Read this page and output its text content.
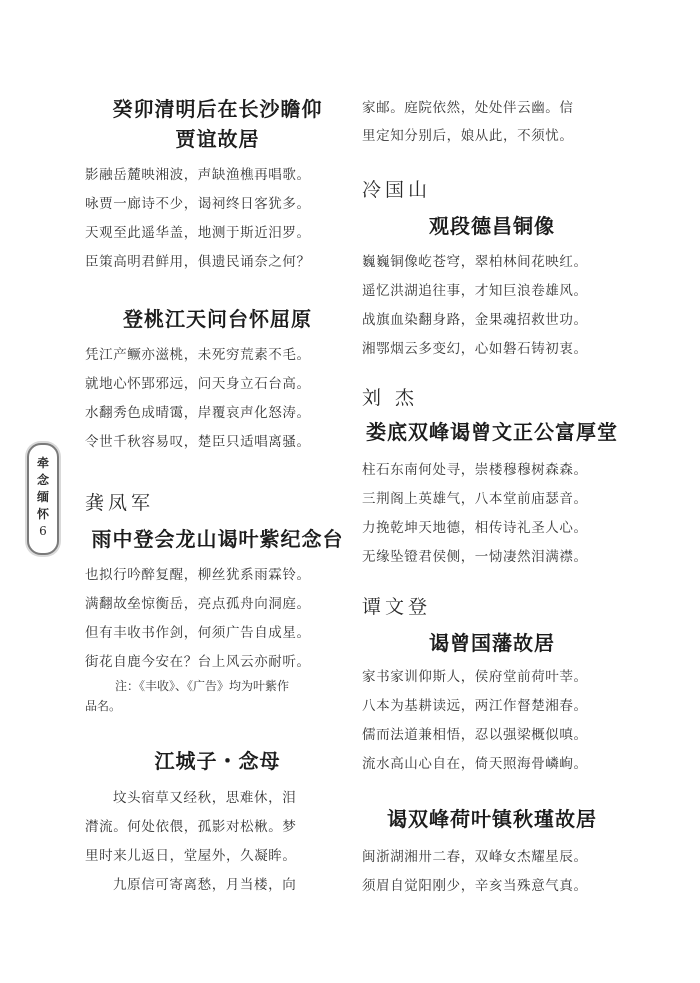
牵
念
缅
怀
6
癸卯清明后在长沙瞻仰
贾谊故居
影融岳麓映湘波，声缺渔樵再唱歌。
咏贾一廊诗不少，谒祠终日客犹多。
天观至此遥华盖，地测于斯近汨罗。
臣策高明君鲜用，俱遗民诵奈之何？
登桃江天问台怀屈原
凭江产鳜亦滋桃，未死穷荒素不毛。
就地心怀郢邪远，问天身立石台高。
水翻秀色成晴霭，岸覆哀声化怒涛。
令世千秋容易叹，楚臣只适唱离骚。
龚凤军
雨中登会龙山谒叶紫纪念台
也拟行吟醉复醒，柳丝犹系雨霖铃。
满翻故垒惊衡岳，亮点孤舟向洞庭。
但有丰收书作剑，何须广告自成星。
街花自鹿今安在？台上风云亦耐听。
注：《丰收》、《广告》均为叶紫作
品名。
江城子・念母
坟头宿草又经秋，思难休，泪
潸流。何处依偎，孤影对松楸。梦
里时来儿返日，堂屋外，久凝眸。
九原信可寄离愁，月当楼，向
家邮。庭院依然，处处伴云幽。信
里定知分别后，娘从此，不须忧。
冷国山
观段德昌铜像
巍巍铜像屹苍穹，翠柏林间花映红。
遥忆洪湖追往事，才知巨浪卷雄风。
战旗血染翻身路，金果魂招救世功。
湘鄂烟云多变幻，心如磐石铸初衷。
刘杰
娄底双峰谒曾文正公富厚堂
柱石东南何处寻，崇楼穆穆树森森。
三荆阁上英雄气，八本堂前庙瑟音。
力挽乾坤天地德，相传诗礼圣人心。
无缘坠镫君侯侧，一恸凄然泪满襟。
谭文登
谒曾国藩故居
家书家训仰斯人，侯府堂前荷叶莘。
八本为基耕读远，两江作督楚湘春。
儒而法道兼相悟，忍以强梁概似嗔。
流水高山心自在，倚天照海骨嶙峋。
谒双峰荷叶镇秋瑾故居
闽浙湖湘卅二春，双峰女杰耀星辰。
须眉自觉阳刚少，辛亥当殊意气真。
